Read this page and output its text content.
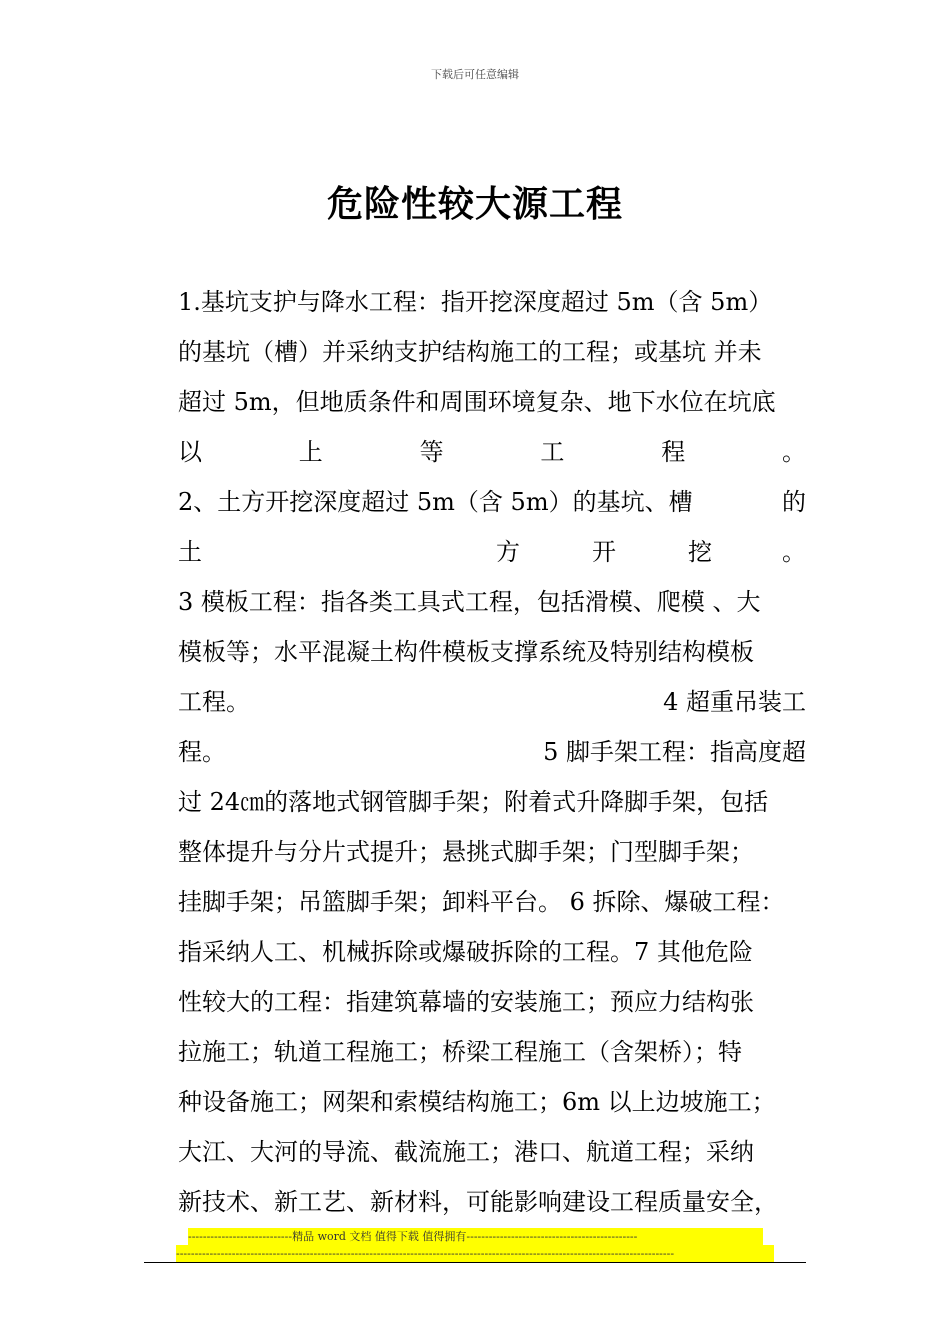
下载后可任意编辑
危险性较大源工程
1.基坑支护与降水工程：指开挖深度超过 5m（含 5m）
的基坑（槽）并采纳支护结构施工的工程；或基坑 并未
超过 5m，但地质条件和周围环境复杂、地下水位在坑底
以	上	等	工	程	。
2、土方开挖深度超过 5m（含 5m）的基坑、槽	的
土	方	开	挖	。
3 模板工程：指各类工具式工程，包括滑模、爬模 、大
模板等；水平混凝土构件模板支撑系统及特别结构模板
工程。	4 超重吊装工
程。	5 脚手架工程：指高度超
过 24㎝的落地式钢管脚手架；附着式升降脚手架，包括
整体提升与分片式提升；悬挑式脚手架；门型脚手架；
挂脚手架；吊篮脚手架；卸料平台。 6 拆除、爆破工程：
指采纳人工、机械拆除或爆破拆除的工程。7 其他危险
性较大的工程：指建筑幕墙的安装施工；预应力结构张
拉施工；轨道工程施工；桥梁工程施工（含架桥）；特
种设备施工；网架和索模结构施工；6m 以上边坡施工；
大江、大河的导流、截流施工；港口、航道工程；采纳
新技术、新工艺、新材料，可能影响建设工程质量安全，
----------------------------精品 word 文档 值得下载 值得拥有----------------------------------------------
--------------------------------------------------------------------------------------------------------------------------------------
